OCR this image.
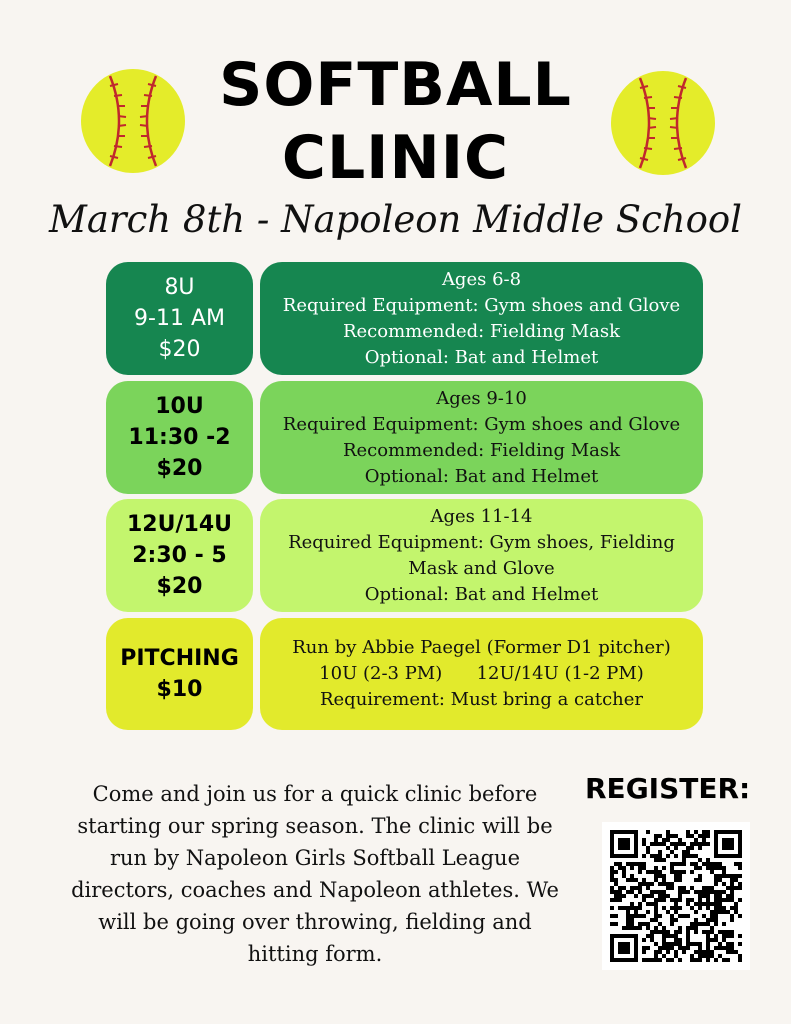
SOFTBALL
CLINIC
March 8th - Napoleon Middle School
8U
9-11 AM
$20
Ages 6-8
Required Equipment: Gym shoes and Glove
Recommended: Fielding Mask
Optional: Bat and Helmet
10U
11:30 -2
$20
Ages 9-10
Required Equipment: Gym shoes and Glove
Recommended: Fielding Mask
Optional: Bat and Helmet
12U/14U
2:30 - 5
$20
Ages 11-14
Required Equipment: Gym shoes, Fielding
Mask and Glove
Optional: Bat and Helmet
PITCHING
$10
Run by Abbie Paegel (Former D1 pitcher)
10U (2-3 PM)      12U/14U (1-2 PM)
Requirement: Must bring a catcher
Come and join us for a quick clinic before starting our spring season. The clinic will be run by Napoleon Girls Softball League directors, coaches and Napoleon athletes. We will be going over throwing, fielding and hitting form.
REGISTER:
